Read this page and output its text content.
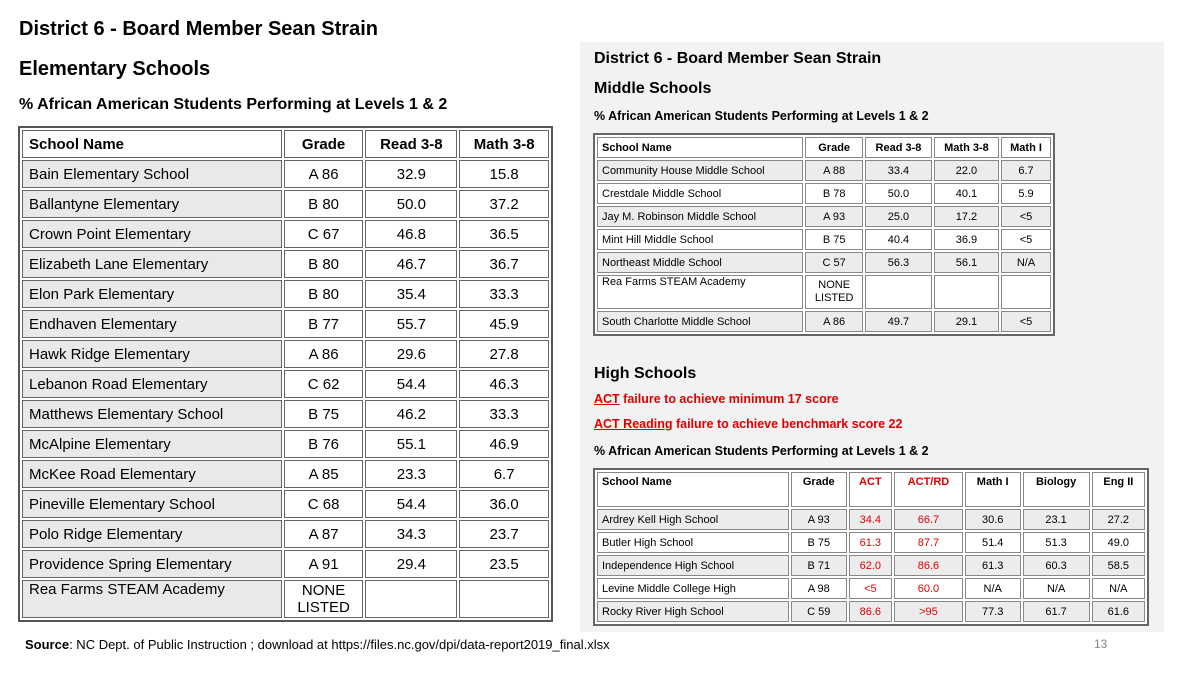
District 6 - Board Member Sean Strain
Elementary Schools
% African American Students Performing at Levels 1 & 2
School Name	Grade	Read 3-8	Math 3-8
Bain Elementary School	A 86	32.9	15.8
Ballantyne Elementary	B 80	50.0	37.2
Crown Point Elementary	C 67	46.8	36.5
Elizabeth Lane Elementary	B 80	46.7	36.7
Elon Park Elementary	B 80	35.4	33.3
Endhaven Elementary	B 77	55.7	45.9
Hawk Ridge Elementary	A 86	29.6	27.8
Lebanon Road Elementary	C 62	54.4	46.3
Matthews Elementary School	B 75	46.2	33.3
McAlpine Elementary	B 76	55.1	46.9
McKee Road Elementary	A 85	23.3	6.7
Pineville Elementary School	C 68	54.4	36.0
Polo Ridge Elementary	A 87	34.3	23.7
Providence Spring Elementary	A 91	29.4	23.5
Rea Farms STEAM Academy	NONE
LISTED		
District 6 - Board Member Sean Strain
Middle Schools
% African American Students Performing at Levels 1 & 2
School Name	Grade	Read 3-8	Math 3-8	Math I
Community House Middle School	A 88	33.4	22.0	6.7
Crestdale Middle School	B 78	50.0	40.1	5.9
Jay M. Robinson Middle School	A 93	25.0	17.2	<5
Mint Hill Middle School	B 75	40.4	36.9	<5
Northeast Middle School	C 57	56.3	56.1	N/A
Rea Farms STEAM Academy	NONE
LISTED			
South Charlotte Middle School	A 86	49.7	29.1	<5
High Schools
ACT failure to achieve minimum 17 score
ACT Reading failure to achieve benchmark score 22
% African American Students Performing at Levels 1 & 2
School Name	Grade	ACT	ACT/RD	Math I	Biology	Eng II
Ardrey Kell High School	A 93	34.4	66.7	30.6	23.1	27.2
Butler High School	B 75	61.3	87.7	51.4	51.3	49.0
Independence High School	B 71	62.0	86.6	61.3	60.3	58.5
Levine Middle College High	A 98	<5	60.0	N/A	N/A	N/A
Rocky River High School	C 59	86.6	>95	77.3	61.7	61.6
Source: NC Dept. of Public Instruction ; download at https://files.nc.gov/dpi/data-report2019_final.xlsx	13
